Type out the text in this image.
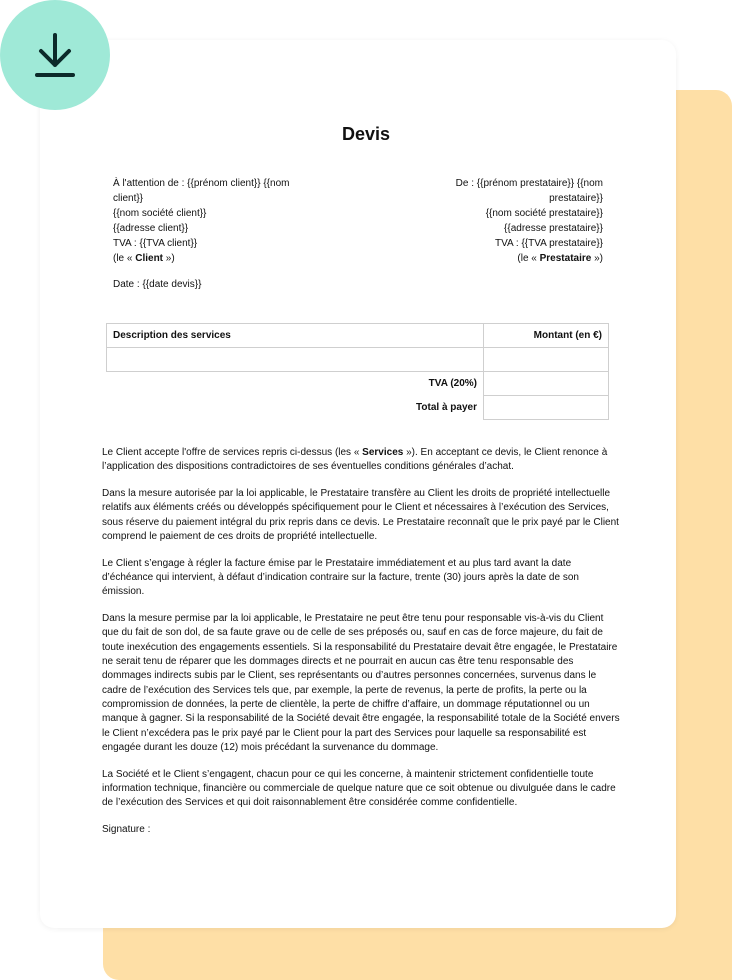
Devis
À l'attention de : {{prénom client}} {{nom
client}}
{{nom société client}}
{{adresse client}}
TVA : {{TVA client}}
(le « Client »)
De : {{prénom prestataire}} {{nom
prestataire}}
{{nom société prestataire}}
{{adresse prestataire}}
TVA : {{TVA prestataire}}
(le « Prestataire »)
Date : {{date devis}}
Description des services	Montant (en €)

TVA (20%)	
Total à payer	

Le Client accepte l'offre de services repris ci-dessus (les « Services »). En acceptant ce devis, le Client renonce à l’application des dispositions contradictoires de ses éventuelles conditions générales d’achat.

Dans la mesure autorisée par la loi applicable, le Prestataire transfère au Client les droits de propriété intellectuelle relatifs aux éléments créés ou développés spécifiquement pour le Client et nécessaires à l’exécution des Services, sous réserve du paiement intégral du prix repris dans ce devis. Le Prestataire reconnaît que le prix payé par le Client comprend le paiement de ces droits de propriété intellectuelle.

Le Client s’engage à régler la facture émise par le Prestataire immédiatement et au plus tard avant la date d’échéance qui intervient, à défaut d’indication contraire sur la facture, trente (30) jours après la date de son émission.

Dans la mesure permise par la loi applicable, le Prestataire ne peut être tenu pour responsable vis-à-vis du Client que du fait de son dol, de sa faute grave ou de celle de ses préposés ou, sauf en cas de force majeure, du fait de toute inexécution des engagements essentiels. Si la responsabilité du Prestataire devait être engagée, le Prestataire ne serait tenu de réparer que les dommages directs et ne pourrait en aucun cas être tenu responsable des dommages indirects subis par le Client, ses représentants ou d’autres personnes concernées, survenus dans le cadre de l’exécution des Services tels que, par exemple, la perte de revenus, la perte de profits, la perte ou la compromission de données, la perte de clientèle, la perte de chiffre d’affaire, un dommage réputationnel ou un manque à gagner. Si la responsabilité de la Société devait être engagée, la responsabilité totale de la Société envers le Client n’excédera pas le prix payé par le Client pour la part des Services pour laquelle sa responsabilité est engagée durant les douze (12) mois précédant la survenance du dommage.

La Société et le Client s’engagent, chacun pour ce qui les concerne, à maintenir strictement confidentielle toute information technique, financière ou commerciale de quelque nature que ce soit obtenue ou divulguée dans le cadre de l’exécution des Services et qui doit raisonnablement être considérée comme confidentielle.

Signature :
